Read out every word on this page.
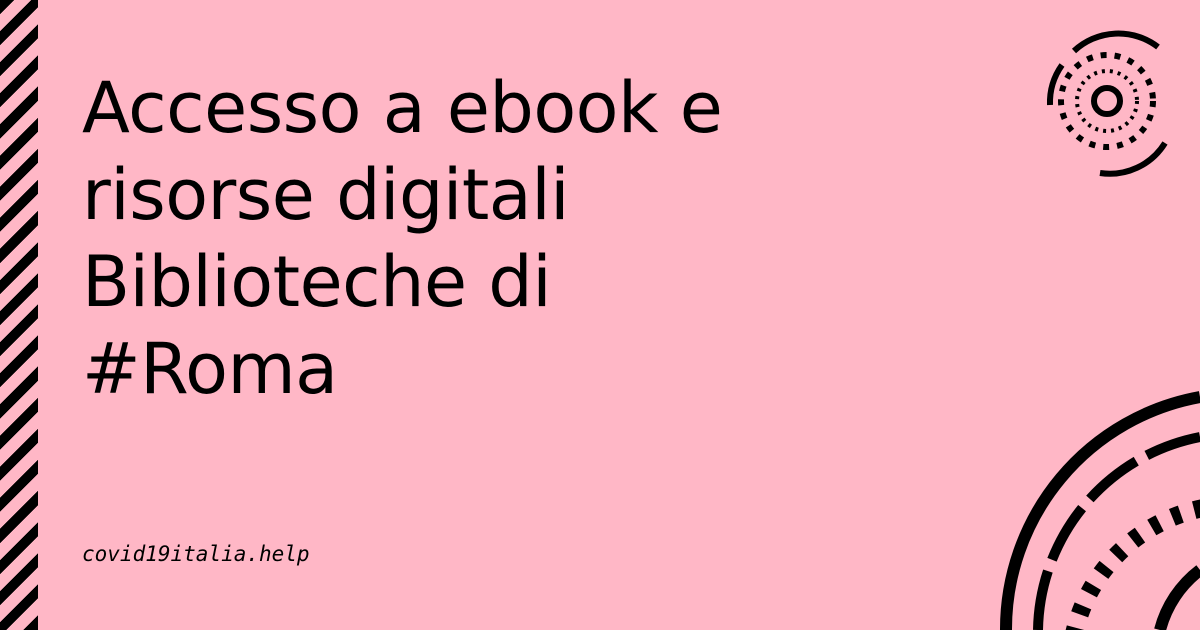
Accesso a ebook e
risorse digitali
Biblioteche di
#Roma

covid19italia.help
